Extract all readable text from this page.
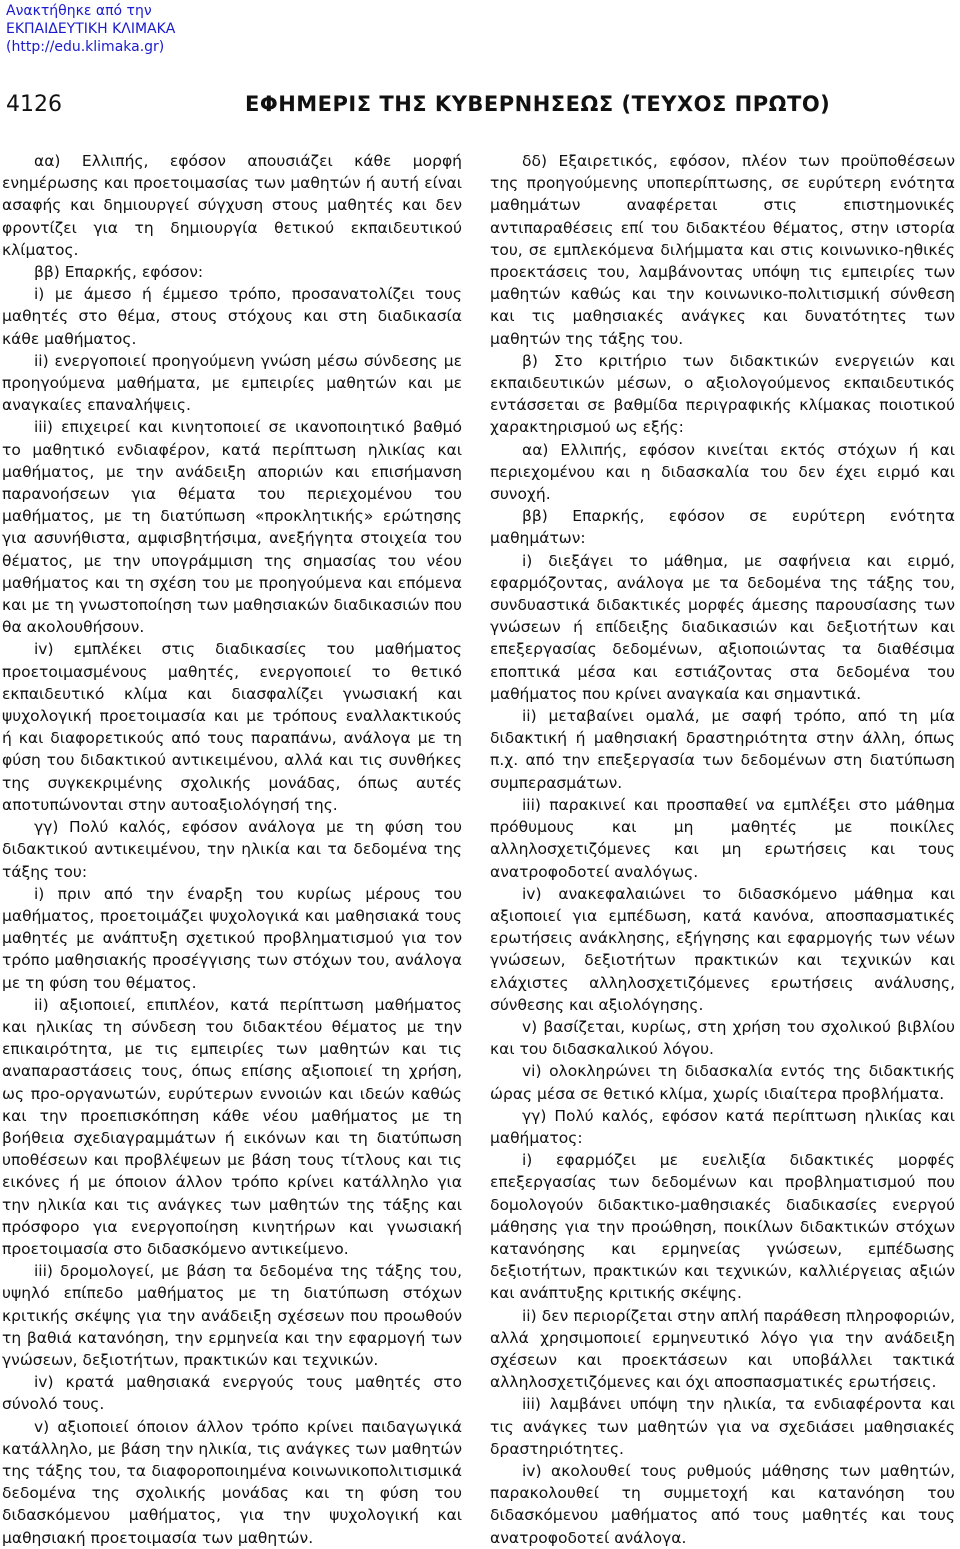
Ανακτήθηκε από την
ΕΚΠΑΙΔΕΥΤΙΚΗ ΚΛΙΜΑΚΑ
(http://edu.klimaka.gr)
4126	ΕΦΗΜΕΡΙΣ ΤΗΣ ΚΥΒΕΡΝΗΣΕΩΣ (ΤΕΥΧΟΣ ΠΡΩΤΟ)

αα) Ελλιπής, εφόσον απουσιάζει κάθε μορφή ενημέρωσης και προετοιμασίας των μαθητών ή αυτή είναι ασαφής και δημιουργεί σύγχυση στους μαθητές και δεν φροντίζει για τη δημιουργία θετικού εκπαιδευτικού κλίματος.

ββ) Επαρκής, εφόσον:

i) με άμεσο ή έμμεσο τρόπο, προσανατολίζει τους μαθητές στο θέμα, στους στόχους και στη διαδικασία κάθε μαθήματος.

ii) ενεργοποιεί προηγούμενη γνώση μέσω σύνδεσης με προηγούμενα μαθήματα, με εμπειρίες μαθητών και με αναγκαίες επαναλήψεις.

iii) επιχειρεί και κινητοποιεί σε ικανοποιητικό βαθμό το μαθητικό ενδιαφέρον, κατά περίπτωση ηλικίας και μαθήματος, με την ανάδειξη αποριών και επισήμανση παρανοήσεων για θέματα του περιεχομένου του μαθήματος, με τη διατύπωση «προκλητικής» ερώτησης για ασυνήθιστα, αμφισβητήσιμα, ανεξήγητα στοιχεία του θέματος, με την υπογράμμιση της σημασίας του νέου μαθήματος και τη σχέση του με προηγούμενα και επόμενα και με τη γνωστοποίηση των μαθησιακών διαδικασιών που θα ακολουθήσουν.

iv) εμπλέκει στις διαδικασίες του μαθήματος προετοιμασμένους μαθητές, ενεργοποιεί το θετικό εκπαιδευτικό κλίμα και διασφαλίζει γνωσιακή και ψυχολογική προετοιμασία και με τρόπους εναλλακτικούς ή και διαφορετικούς από τους παραπάνω, ανάλογα με τη φύση του διδακτικού αντικειμένου, αλλά και τις συνθήκες της συγκεκριμένης σχολικής μονάδας, όπως αυτές αποτυπώνονται στην αυτοαξιολόγησή της.

γγ) Πολύ καλός, εφόσον ανάλογα με τη φύση του διδακτικού αντικειμένου, την ηλικία και τα δεδομένα της τάξης του:

i) πριν από την έναρξη του κυρίως μέρους του μαθήματος, προετοιμάζει ψυχολογικά και μαθησιακά τους μαθητές με ανάπτυξη σχετικού προβληματισμού για τον τρόπο μαθησιακής προσέγγισης των στόχων του, ανάλογα με τη φύση του θέματος.

ii) αξιοποιεί, επιπλέον, κατά περίπτωση μαθήματος και ηλικίας τη σύνδεση του διδακτέου θέματος με την επικαιρότητα, με τις εμπειρίες των μαθητών και τις αναπαραστάσεις τους, όπως επίσης αξιοποιεί τη χρήση, ως προ-οργανωτών, ευρύτερων εννοιών και ιδεών καθώς και την προεπισκόπηση κάθε νέου μαθήματος με τη βοήθεια σχεδιαγραμμάτων ή εικόνων και τη διατύπωση υποθέσεων και προβλέψεων με βάση τους τίτλους και τις εικόνες ή με όποιον άλλον τρόπο κρίνει κατάλληλο για την ηλικία και τις ανάγκες των μαθητών της τάξης και πρόσφορο για ενεργοποίηση κινητήρων και γνωσιακή προετοιμασία στο διδασκόμενο αντικείμενο.

iii) δρομολογεί, με βάση τα δεδομένα της τάξης του, υψηλό επίπεδο μαθήματος με τη διατύπωση στόχων κριτικής σκέψης για την ανάδειξη σχέσεων που προωθούν τη βαθιά κατανόηση, την ερμηνεία και την εφαρμογή των γνώσεων, δεξιοτήτων, πρακτικών και τεχνικών.

iv) κρατά μαθησιακά ενεργούς τους μαθητές στο σύνολό τους.

v) αξιοποιεί όποιον άλλον τρόπο κρίνει παιδαγωγικά κατάλληλο, με βάση την ηλικία, τις ανάγκες των μαθητών της τάξης του, τα διαφοροποιημένα κοινωνικοπολιτισμικά δεδομένα της σχολικής μονάδας και τη φύση του διδασκόμενου μαθήματος, για την ψυχολογική και μαθησιακή προετοιμασία των μαθητών.

δδ) Εξαιρετικός, εφόσον, πλέον των προϋποθέσεων της προηγούμενης υποπερίπτωσης, σε ευρύτερη ενότητα μαθημάτων αναφέρεται στις επιστημονικές αντιπαραθέσεις επί του διδακτέου θέματος, στην ιστορία του, σε εμπλεκόμενα διλήμματα και στις κοινωνικο-ηθικές προεκτάσεις του, λαμβάνοντας υπόψη τις εμπειρίες των μαθητών καθώς και την κοινωνικο-πολιτισμική σύνθεση και τις μαθησιακές ανάγκες και δυνατότητες των μαθητών της τάξης του.

β) Στο κριτήριο των διδακτικών ενεργειών και εκπαιδευτικών μέσων, ο αξιολογούμενος εκπαιδευτικός εντάσσεται σε βαθμίδα περιγραφικής κλίμακας ποιοτικού χαρακτηρισμού ως εξής:

αα) Ελλιπής, εφόσον κινείται εκτός στόχων ή και περιεχομένου και η διδασκαλία του δεν έχει ειρμό και συνοχή.

ββ) Επαρκής, εφόσον σε ευρύτερη ενότητα μαθημάτων:

i) διεξάγει το μάθημα, με σαφήνεια και ειρμό, εφαρμόζοντας, ανάλογα με τα δεδομένα της τάξης του, συνδυαστικά διδακτικές μορφές άμεσης παρουσίασης των γνώσεων ή επίδειξης διαδικασιών και δεξιοτήτων και επεξεργασίας δεδομένων, αξιοποιώντας τα διαθέσιμα εποπτικά μέσα και εστιάζοντας στα δεδομένα του μαθήματος που κρίνει αναγκαία και σημαντικά.

ii) μεταβαίνει ομαλά, με σαφή τρόπο, από τη μία διδακτική ή μαθησιακή δραστηριότητα στην άλλη, όπως π.χ. από την επεξεργασία των δεδομένων στη διατύπωση συμπερασμάτων.

iii) παρακινεί και προσπαθεί να εμπλέξει στο μάθημα πρόθυμους και μη μαθητές με ποικίλες αλληλοσχετιζόμενες και μη ερωτήσεις και τους ανατροφοδοτεί αναλόγως.

iv) ανακεφαλαιώνει το διδασκόμενο μάθημα και αξιοποιεί για εμπέδωση, κατά κανόνα, αποσπασματικές ερωτήσεις ανάκλησης, εξήγησης και εφαρμογής των νέων γνώσεων, δεξιοτήτων πρακτικών και τεχνικών και ελάχιστες αλληλοσχετιζόμενες ερωτήσεις ανάλυσης, σύνθεσης και αξιολόγησης.

v) βασίζεται, κυρίως, στη χρήση του σχολικού βιβλίου και του διδασκαλικού λόγου.

vi) ολοκληρώνει τη διδασκαλία εντός της διδακτικής ώρας μέσα σε θετικό κλίμα, χωρίς ιδιαίτερα προβλήματα.

γγ) Πολύ καλός, εφόσον κατά περίπτωση ηλικίας και μαθήματος:

i) εφαρμόζει με ευελιξία διδακτικές μορφές επεξεργασίας των δεδομένων και προβληματισμού που δομολογούν διδακτικο-μαθησιακές διαδικασίες ενεργού μάθησης για την προώθηση, ποικίλων διδακτικών στόχων κατανόησης και ερμηνείας γνώσεων, εμπέδωσης δεξιοτήτων, πρακτικών και τεχνικών, καλλιέργειας αξιών και ανάπτυξης κριτικής σκέψης.

ii) δεν περιορίζεται στην απλή παράθεση πληροφοριών, αλλά χρησιμοποιεί ερμηνευτικό λόγο για την ανάδειξη σχέσεων και προεκτάσεων και υποβάλλει τακτικά αλληλοσχετιζόμενες και όχι αποσπασματικές ερωτήσεις.

iii) λαμβάνει υπόψη την ηλικία, τα ενδιαφέροντα και τις ανάγκες των μαθητών για να σχεδιάσει μαθησιακές δραστηριότητες.

iv) ακολουθεί τους ρυθμούς μάθησης των μαθητών, παρακολουθεί τη συμμετοχή και κατανόηση του διδασκόμενου μαθήματος από τους μαθητές και τους ανατροφοδοτεί ανάλογα.
